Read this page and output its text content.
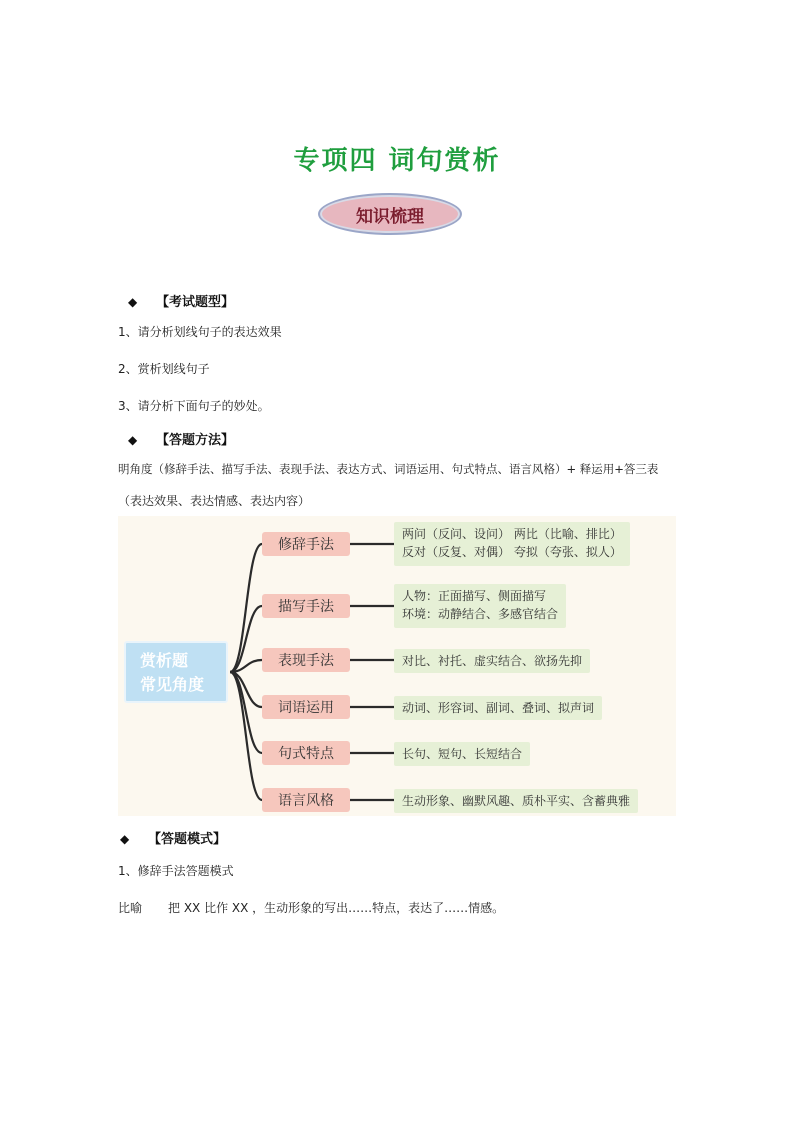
专项四 词句赏析
知识梳理
◆ 【考试题型】
1、请分析划线句子的表达效果
2、赏析划线句子
3、请分析下面句子的妙处。
◆ 【答题方法】
明角度（修辞手法、描写手法、表现手法、表达方式、词语运用、句式特点、语言风格）+ 释运用+答三表
（表达效果、表达情感、表达内容）
赏析题
常见角度
修辞手法
两问（反问、设问） 两比（比喻、排比）
反对（反复、对偶） 夸拟（夸张、拟人）
描写手法
人物：正面描写、侧面描写
环境：动静结合、多感官结合
表现手法	对比、衬托、虚实结合、欲扬先抑
词语运用	动词、形容词、副词、叠词、拟声词
句式特点	长句、短句、长短结合
语言风格	生动形象、幽默风趣、质朴平实、含蓄典雅
◆ 【答题模式】
1、修辞手法答题模式
比喻 把 XX 比作 XX ，生动形象的写出……特点，表达了……情感。
